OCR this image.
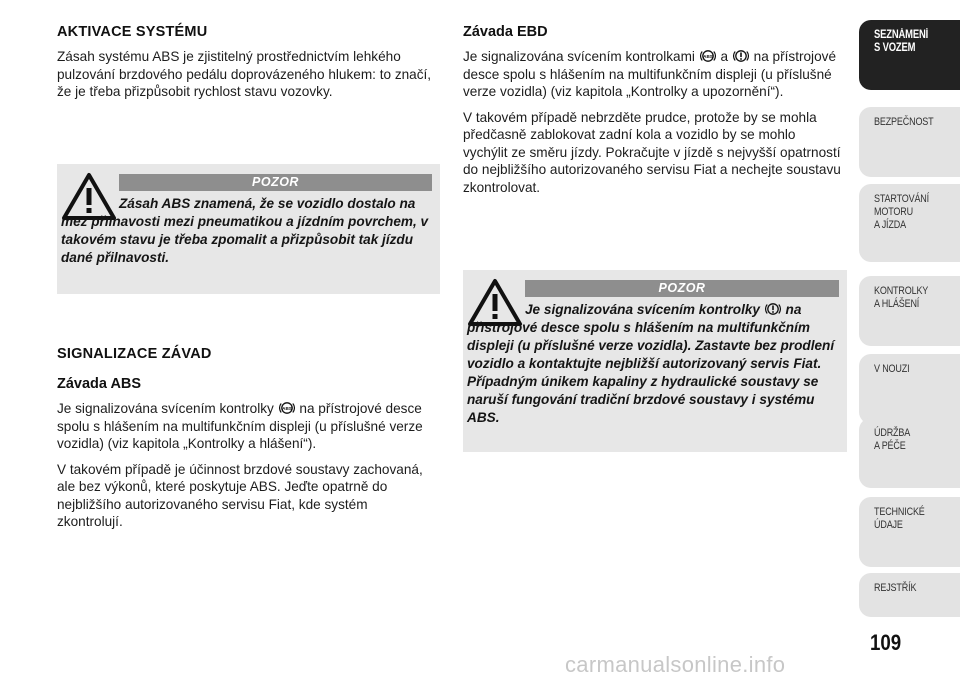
AKTIVACE SYSTÉMU

Zásah systému ABS je zjistitelný prostřednictvím lehkého pulzování brzdového pedálu doprovázeného hlukem: to značí, že je třeba přizpůsobit rychlost stavu vozovky.

POZOR
Zásah ABS znamená, že se vozidlo dostalo na mez přilnavosti mezi pneumatikou a jízdním povrchem, v takovém stavu je třeba zpomalit a přizpůsobit tak jízdu dané přilnavosti.
SIGNALIZACE ZÁVAD
Závada ABS

Je signalizována svícením kontrolky ABS na přístrojové desce spolu s hlášením na multifunkčním displeji (u příslušné verze vozidla) (viz kapitola „Kontrolky a hlášení“).

V takovém případě je účinnost brzdové soustavy zachovaná, ale bez výkonů, které poskytuje ABS. Jeďte opatrně do nejbližšího autorizovaného servisu Fiat, kde systém zkontrolují.

Závada EBD

Je signalizována svícením kontrolkami ABS a na přístrojové desce spolu s hlášením na multifunkčním displeji (u příslušné verze vozidla) (viz kapitola „Kontrolky a upozornění“).

V takovém případě nebrzděte prudce, protože by se mohla předčasně zablokovat zadní kola a vozidlo by se mohlo vychýlit ze směru jízdy. Pokračujte v jízdě s nejvyšší opatrností do nejbližšího autorizovaného servisu Fiat a nechejte soustavu zkontrolovat.

POZOR
Je signalizována svícením kontrolky na přístrojové desce spolu s hlášením na multifunkčním displeji (u příslušné verze vozidla). Zastavte bez prodlení vozidlo a kontaktujte nejbližší autorizovaný servis Fiat. Případným únikem kapaliny z hydraulické soustavy se naruší fungování tradiční brzdové soustavy i systému ABS.
SEZNÁMENÍ
S VOZEM
BEZPEČNOST
STARTOVÁNÍ
MOTORU
A JÍZDA
KONTROLKY
A HLÁŠENÍ
V NOUZI
ÚDRŽBA
A PÉČE
TECHNICKÉ
ÚDAJE
REJSTŘÍK
109
carmanualsonline.info
